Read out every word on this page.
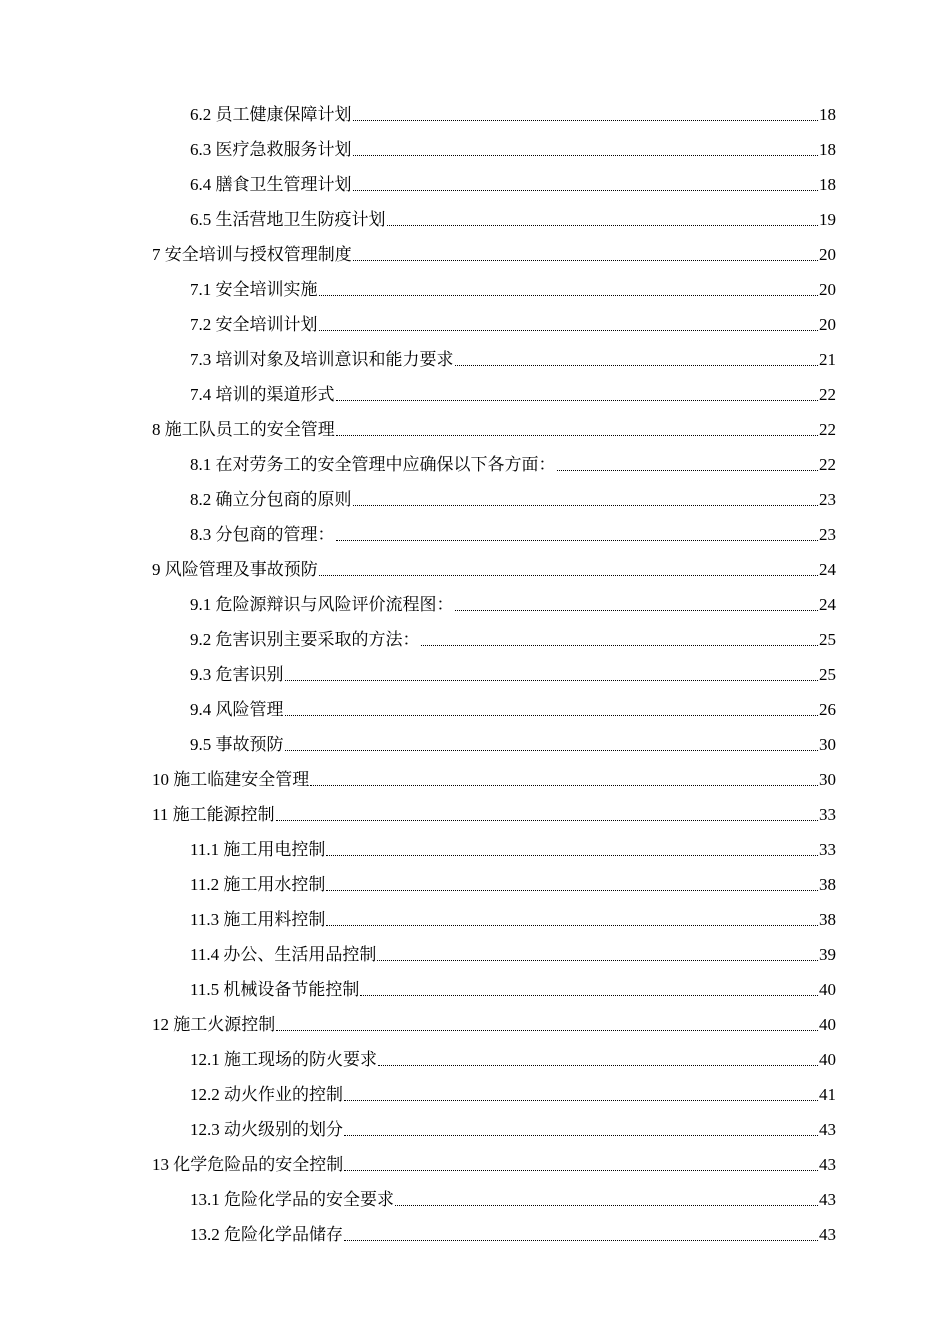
6.2 员工健康保障计划	18
6.3 医疗急救服务计划	18
6.4 膳食卫生管理计划	18
6.5 生活营地卫生防疫计划	19
7 安全培训与授权管理制度	20
7.1 安全培训实施	20
7.2 安全培训计划	20
7.3 培训对象及培训意识和能力要求	21
7.4 培训的渠道形式	22
8 施工队员工的安全管理	22
8.1 在对劳务工的安全管理中应确保以下各方面：	22
8.2 确立分包商的原则	23
8.3 分包商的管理：	23
9 风险管理及事故预防	24
9.1 危险源辩识与风险评价流程图：	24
9.2 危害识别主要采取的方法：	25
9.3 危害识别	25
9.4 风险管理	26
9.5 事故预防	30
10 施工临建安全管理	30
11 施工能源控制	33
11.1 施工用电控制	33
11.2 施工用水控制	38
11.3 施工用料控制	38
11.4 办公、生活用品控制	39
11.5 机械设备节能控制	40
12 施工火源控制	40
12.1 施工现场的防火要求	40
12.2 动火作业的控制	41
12.3 动火级别的划分	43
13 化学危险品的安全控制	43
13.1 危险化学品的安全要求	43
13.2 危险化学品储存	43
